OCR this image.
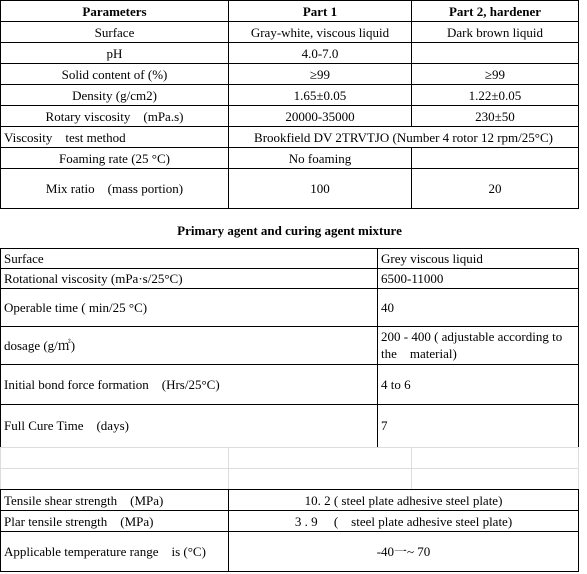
Parameters	Part 1	Part 2, hardener
Surface	Gray-white, viscous liquid	Dark brown liquid
pH	4.0-7.0	
Solid content of (%)	≥99	≥99
Density (g/cm2)	1.65±0.05	1.22±0.05
Rotary viscosity　(mPa.s)	20000-35000	230±50
Viscosity　test method	Brookfield DV 2TRVTJO (Number 4 rotor 12 rpm/25°C)	
Foaming rate (25 °C)	No foaming	
Mix ratio　(mass portion)	100	20
Primary agent and curing agent mixture	
Surface	Grey viscous liquid
Rotational viscosity (mPa·s/25°C)	6500-11000
Operable time ( min/25 °C)	40
dosage (g/㎡)	200 - 400 ( adjustable according to the　material)
Initial bond force formation　(Hrs/25°C)	4 to 6
Full Cure Time　(days)	7

Tensile shear strength　(MPa)	10. 2 ( steel plate adhesive steel plate)
Plar tensile strength　(MPa)	3 . 9 　(　steel plate adhesive steel plate)
Applicable temperature range　is (°C)	-40一~ 70
